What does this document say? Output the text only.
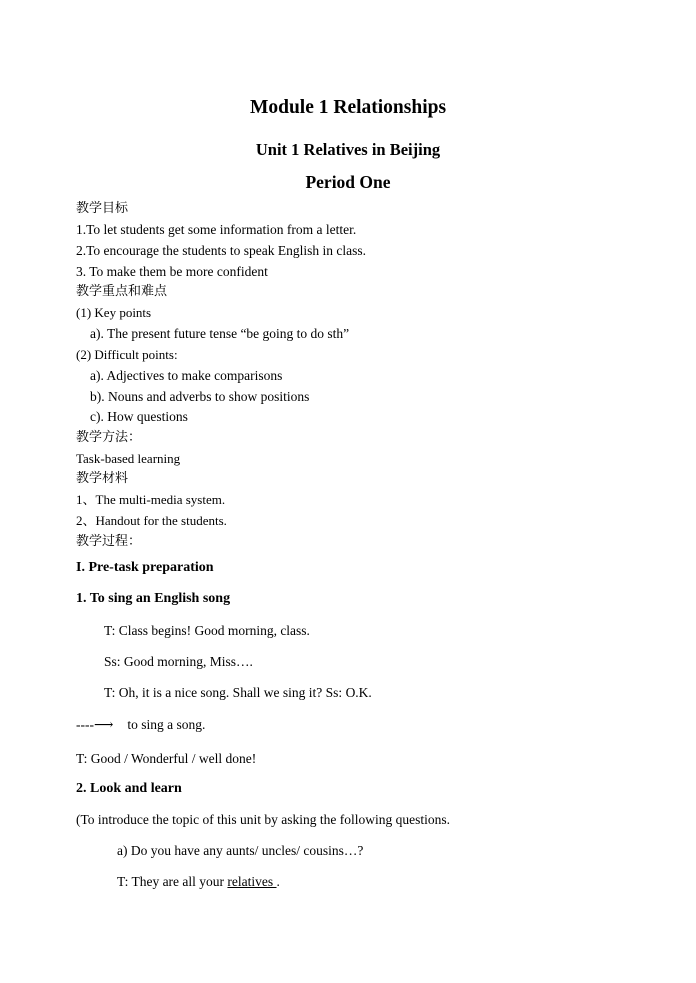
Module 1 Relationships
Unit 1 Relatives in Beijing
Period One
教学目标
1.To let students get some information from a letter.
2.To encourage the students to speak English in class.
3. To make them be more confident
教学重点和难点
(1) Key points
a). The present future tense “be going to do sth”
(2) Difficult points:
a). Adjectives to make comparisons
b). Nouns and adverbs to show positions
c). How questions
教学方法：
Task-based learning
教学材料
1、The multi-media system.
2、Handout for the students.
教学过程：
I. Pre-task preparation
1. To sing an English song
T: Class begins! Good morning, class.
Ss: Good morning, Miss….
T: Oh, it is a nice song. Shall we sing it? Ss: O.K.
----⟶ to sing a song.
T: Good / Wonderful / well done!
2. Look and learn
(To introduce the topic of this unit by asking the following questions.
a) Do you have any aunts/ uncles/ cousins…?
T: They are all your relatives .
